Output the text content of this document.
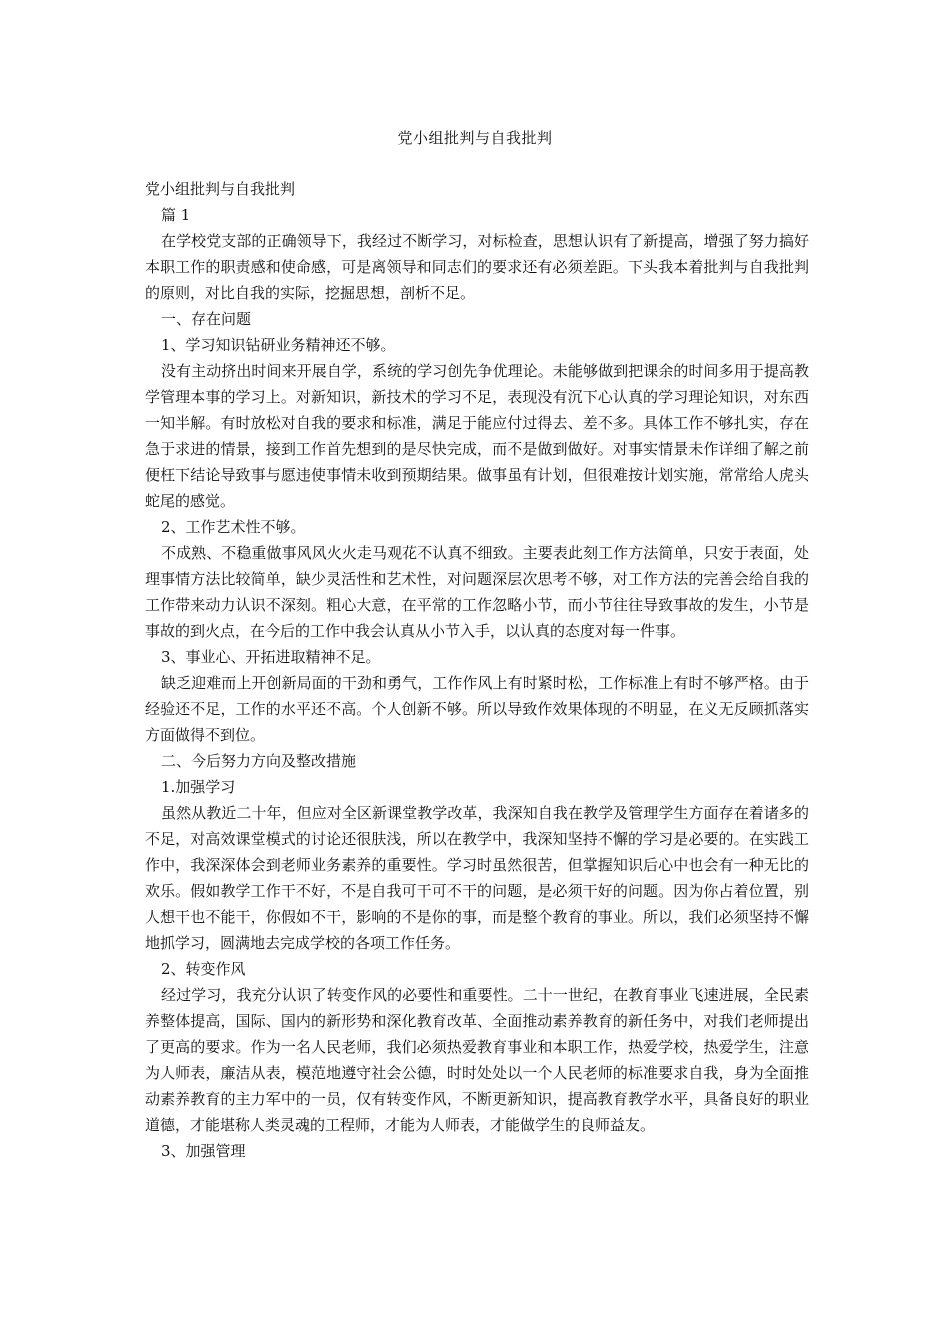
党小组批判与自我批判

党小组批判与自我批判

篇 1

在学校党支部的正确领导下，我经过不断学习，对标检查，思想认识有了新提高，增强了努力搞好本职工作的职责感和使命感，可是离领导和同志们的要求还有必须差距。下头我本着批判与自我批判的原则，对比自我的实际，挖掘思想，剖析不足。

一、存在问题

1、学习知识钻研业务精神还不够。

没有主动挤出时间来开展自学，系统的学习创先争优理论。未能够做到把课余的时间多用于提高教学管理本事的学习上。对新知识，新技术的学习不足，表现没有沉下心认真的学习理论知识，对东西一知半解。有时放松对自我的要求和标准，满足于能应付过得去、差不多。具体工作不够扎实，存在急于求进的情景，接到工作首先想到的是尽快完成，而不是做到做好。对事实情景未作详细了解之前便枉下结论导致事与愿违使事情未收到预期结果。做事虽有计划，但很难按计划实施，常常给人虎头蛇尾的感觉。

2、工作艺术性不够。

不成熟、不稳重做事风风火火走马观花不认真不细致。主要表此刻工作方法简单，只安于表面，处理事情方法比较简单，缺少灵活性和艺术性，对问题深层次思考不够，对工作方法的完善会给自我的工作带来动力认识不深刻。粗心大意，在平常的工作忽略小节，而小节往往导致事故的发生，小节是事故的到火点，在今后的工作中我会认真从小节入手，以认真的态度对每一件事。

3、事业心、开拓进取精神不足。

缺乏迎难而上开创新局面的干劲和勇气，工作作风上有时紧时松，工作标准上有时不够严格。由于经验还不足，工作的水平还不高。个人创新不够。所以导致作效果体现的不明显，在义无反顾抓落实方面做得不到位。

二、今后努力方向及整改措施

1.加强学习

虽然从教近二十年，但应对全区新课堂教学改革，我深知自我在教学及管理学生方面存在着诸多的不足，对高效课堂模式的讨论还很肤浅，所以在教学中，我深知坚持不懈的学习是必要的。在实践工作中，我深深体会到老师业务素养的重要性。学习时虽然很苦，但掌握知识后心中也会有一种无比的欢乐。假如教学工作干不好，不是自我可干可不干的问题，是必须干好的问题。因为你占着位置，别人想干也不能干，你假如不干，影响的不是你的事，而是整个教育的事业。所以，我们必须坚持不懈地抓学习，圆满地去完成学校的各项工作任务。

2、转变作风

经过学习，我充分认识了转变作风的必要性和重要性。二十一世纪，在教育事业飞速进展，全民素养整体提高，国际、国内的新形势和深化教育改革、全面推动素养教育的新任务中，对我们老师提出了更高的要求。作为一名人民老师，我们必须热爱教育事业和本职工作，热爱学校，热爱学生，注意为人师表，廉洁从表，模范地遵守社会公德，时时处处以一个人民老师的标准要求自我，身为全面推动素养教育的主力军中的一员，仅有转变作风，不断更新知识，提高教育教学水平，具备良好的职业道德，才能堪称人类灵魂的工程师，才能为人师表，才能做学生的良师益友。

3、加强管理
